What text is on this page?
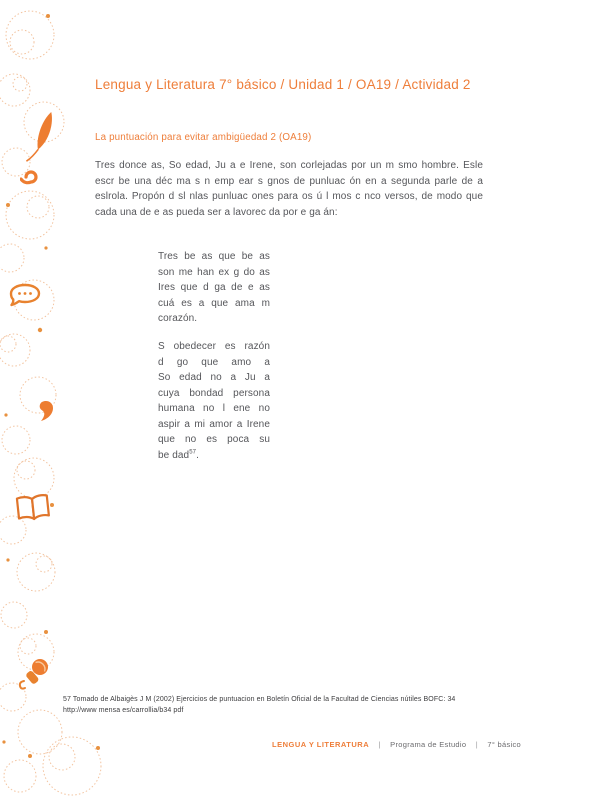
Lengua y Literatura 7° básico / Unidad 1 / OA19 / Actividad 2
La puntuación para evitar ambigüedad 2 (OA19)
Tres donce as, So edad, Ju a e Irene, son corlejadas por un m smo hombre. Esle
escr be una déc ma s n emp ear s gnos de punluac ón en a segunda parle de a
eslrola. Propón d sl nlas punluac ones para os ú l mos c nco versos, de modo que
cada una de e as pueda ser a lavorec da por e ga án:
Tres be as que be as
son me han ex g do as
Ires que d ga de e as
cuá es a que ama m
corazón.
S obedecer es razón
d go que amo a
So edad no a Ju a
cuya bondad persona
humana no l ene no
aspir a mi amor a Irene
que no es poca su
be dad$^{57}$.
57 Tomado de Albaigès J M (2002) Ejercicios de puntuacion en Boletín Oficial de la Facultad de Ciencias nútiles BOFC: 34
http://www mensa es/carrollia/b34 pdf
LENGUA Y LITERATURA | Programa de Estudio | 7° básico
